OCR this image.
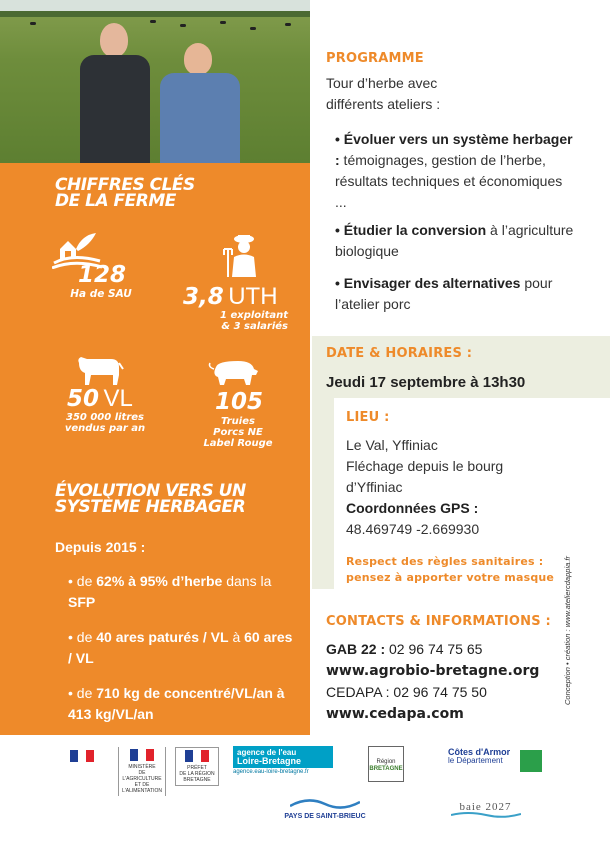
CHIFFRES CLÉS
DE LA FERME
128
Ha de SAU 3,8 UTH
1 exploitant
& 3 salariés
50 VL
350 000 litres
vendus par an
105
Truies
Porcs NE
Label Rouge
ÉVOLUTION VERS UN
SYSTÈME HERBAGER
Depuis 2015 :
• de 62% à 95% d’herbe dans la SFP
• de 40 ares paturés / VL à 60 ares / VL
• de 710 kg de concentré/VL/an à 413 kg/VL/an
PROGRAMME
Tour d’herbe avec
différents ateliers :
• Évoluer vers un système herbager : témoignages, gestion de l’herbe, résultats techniques et économiques ...
• Étudier la conversion à l’agriculture biologique
• Envisager des alternatives pour l’atelier porc
DATE & HORAIRES :
Jeudi 17 septembre à 13h30
LIEU :
Le Val, Yffiniac
Fléchage depuis le bourg
d’Yffiniac
Coordonnées GPS :
48.469749 -2.669930
Respect des règles sanitaires :
pensez à apporter votre masque
CONTACTS & INFORMATIONS :
GAB 22 : 02 96 74 75 65
www.agrobio-bretagne.org
CEDAPA : 02 96 74 75 50
www.cedapa.com
Conception • création : www.ateliercdappia.fr
MINISTÈRE
DE L'AGRICULTURE
ET DE
L'ALIMENTATION
PRÉFET
DE LA RÉGION
BRETAGNE
agence de l'eau
Loire-Bretagne
agence.eau-loire-bretagne.fr
Région
BRETAGNE
Côtes d'Armor
le Département
PAYS DE SAINT-BRIEUC
baie 2027
